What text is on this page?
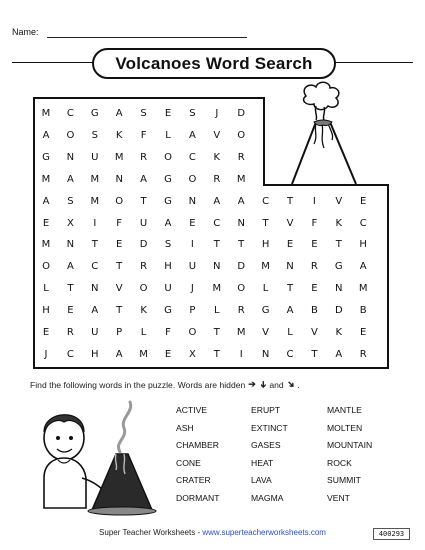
Name:
Volcanoes Word Search
M	C	G	A	S	E	S	J	D
A	O	S	K	F	L	A	V	O
G	N	U	M	R	O	C	K	R
M	A	M	N	A	G	O	R	M
A	S	M	O	T	G	N	A	A	C	T	I	V	E
E	X	I	F	U	A	E	C	N	T	V	F	K	C
M	N	T	E	D	S	I	T	T	H	E	E	T	H
O	A	C	T	R	H	U	N	D	M	N	R	G	A
L	T	N	V	O	U	J	M	O	L	T	E	N	M
H	E	A	T	K	G	P	L	R	G	A	B	D	B
E	R	U	P	L	F	O	T	M	V	L	V	K	E
J	C	H	A	M	E	X	T	I	N	C	T	A	R
Find the following words in the puzzle. Words are hidden ➔ ➔ and ➔ .
ACTIVE
ASH
CHAMBER
CONE
CRATER
DORMANT
ERUPT
EXTINCT
GASES
HEAT
LAVA
MAGMA
MANTLE
MOLTEN
MOUNTAIN
ROCK
SUMMIT
VENT
Super Teacher Worksheets - www.superteacherworksheets.com	400293
